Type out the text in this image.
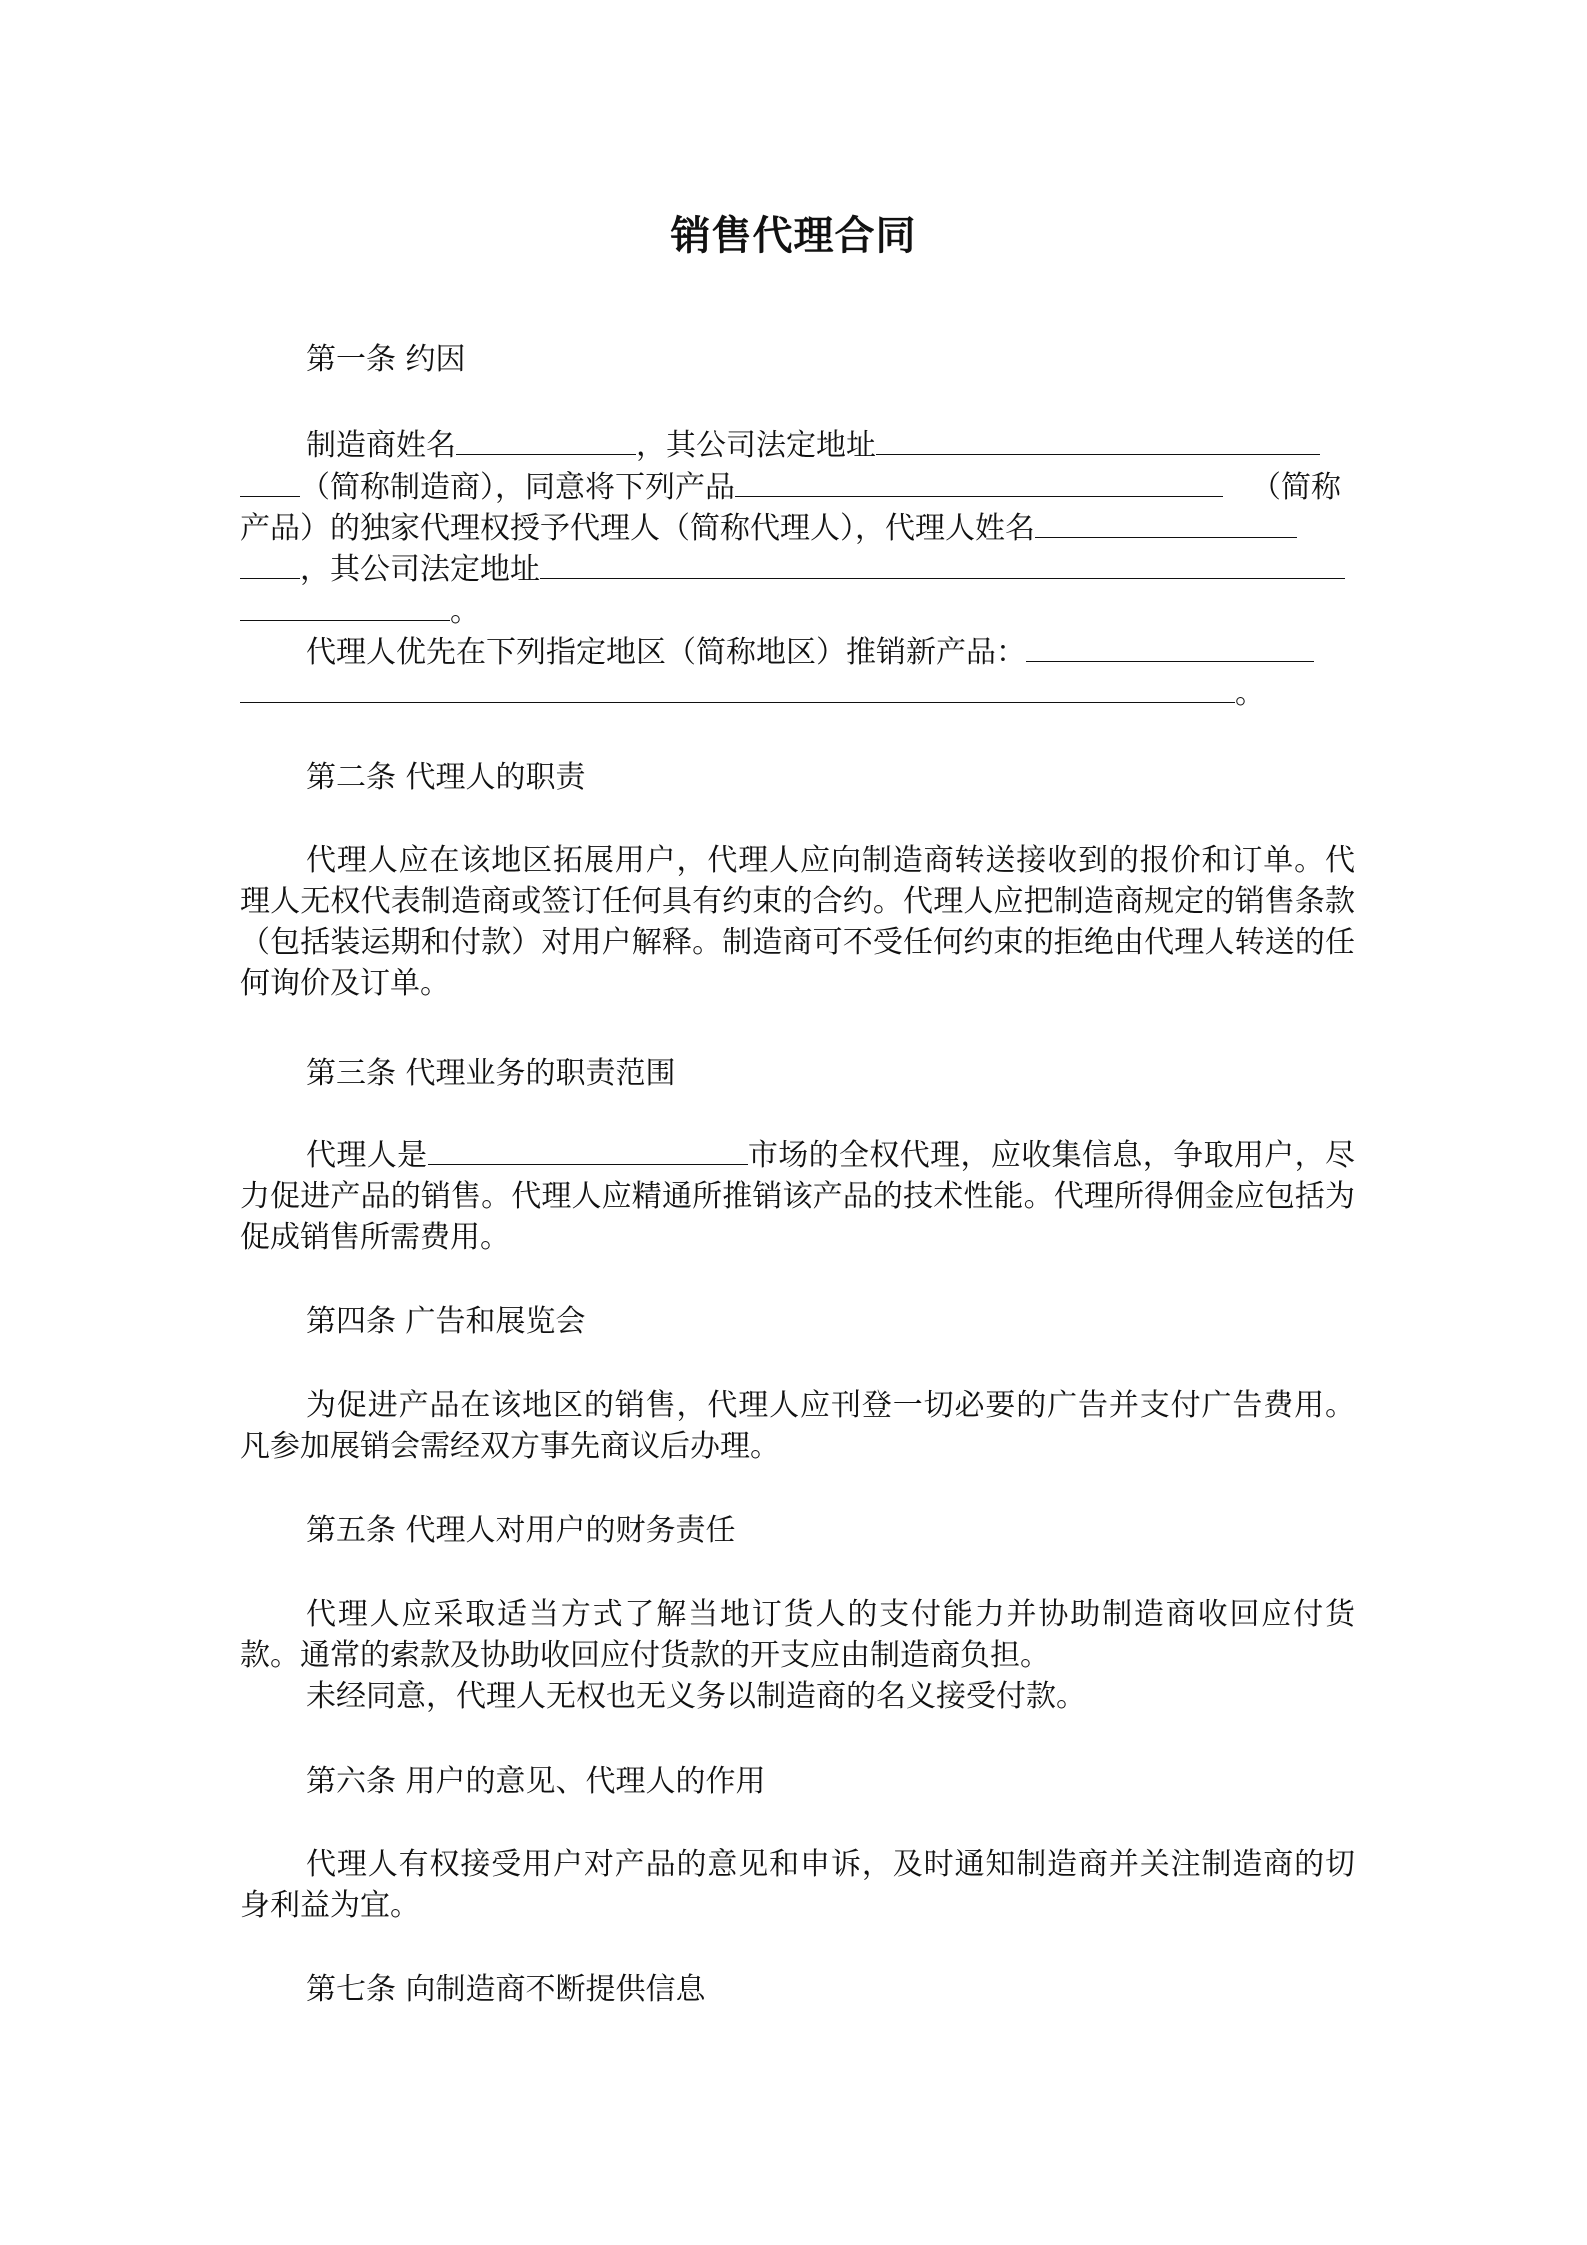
销售代理合同
第一条 约因
制造商姓名	，其公司法定地址
（简称制造商），同意将下列产品	（简称
产品）的独家代理权授予代理人（简称代理人），代理人姓名
，其公司法定地址
。
代理人优先在下列指定地区（简称地区）推销新产品：
。
第二条 代理人的职责
代理人应在该地区拓展用户，代理人应向制造商转送接收到的报价和订单。代理人无权代表制造商或签订任何具有约束的合约。代理人应把制造商规定的销售条款（包括装运期和付款）对用户解释。制造商可不受任何约束的拒绝由代理人转送的任何询价及订单。
第三条 代理业务的职责范围
代理人是	市场的全权代理，应收集信息，争取用户，尽力促进产品的销售。代理人应精通所推销该产品的技术性能。代理所得佣金应包括为促成销售所需费用。
第四条 广告和展览会
为促进产品在该地区的销售，代理人应刊登一切必要的广告并支付广告费用。凡参加展销会需经双方事先商议后办理。
第五条 代理人对用户的财务责任
代理人应采取适当方式了解当地订货人的支付能力并协助制造商收回应付货款。通常的索款及协助收回应付货款的开支应由制造商负担。
未经同意，代理人无权也无义务以制造商的名义接受付款。
第六条 用户的意见、代理人的作用
代理人有权接受用户对产品的意见和申诉，及时通知制造商并关注制造商的切身利益为宜。
第七条 向制造商不断提供信息
